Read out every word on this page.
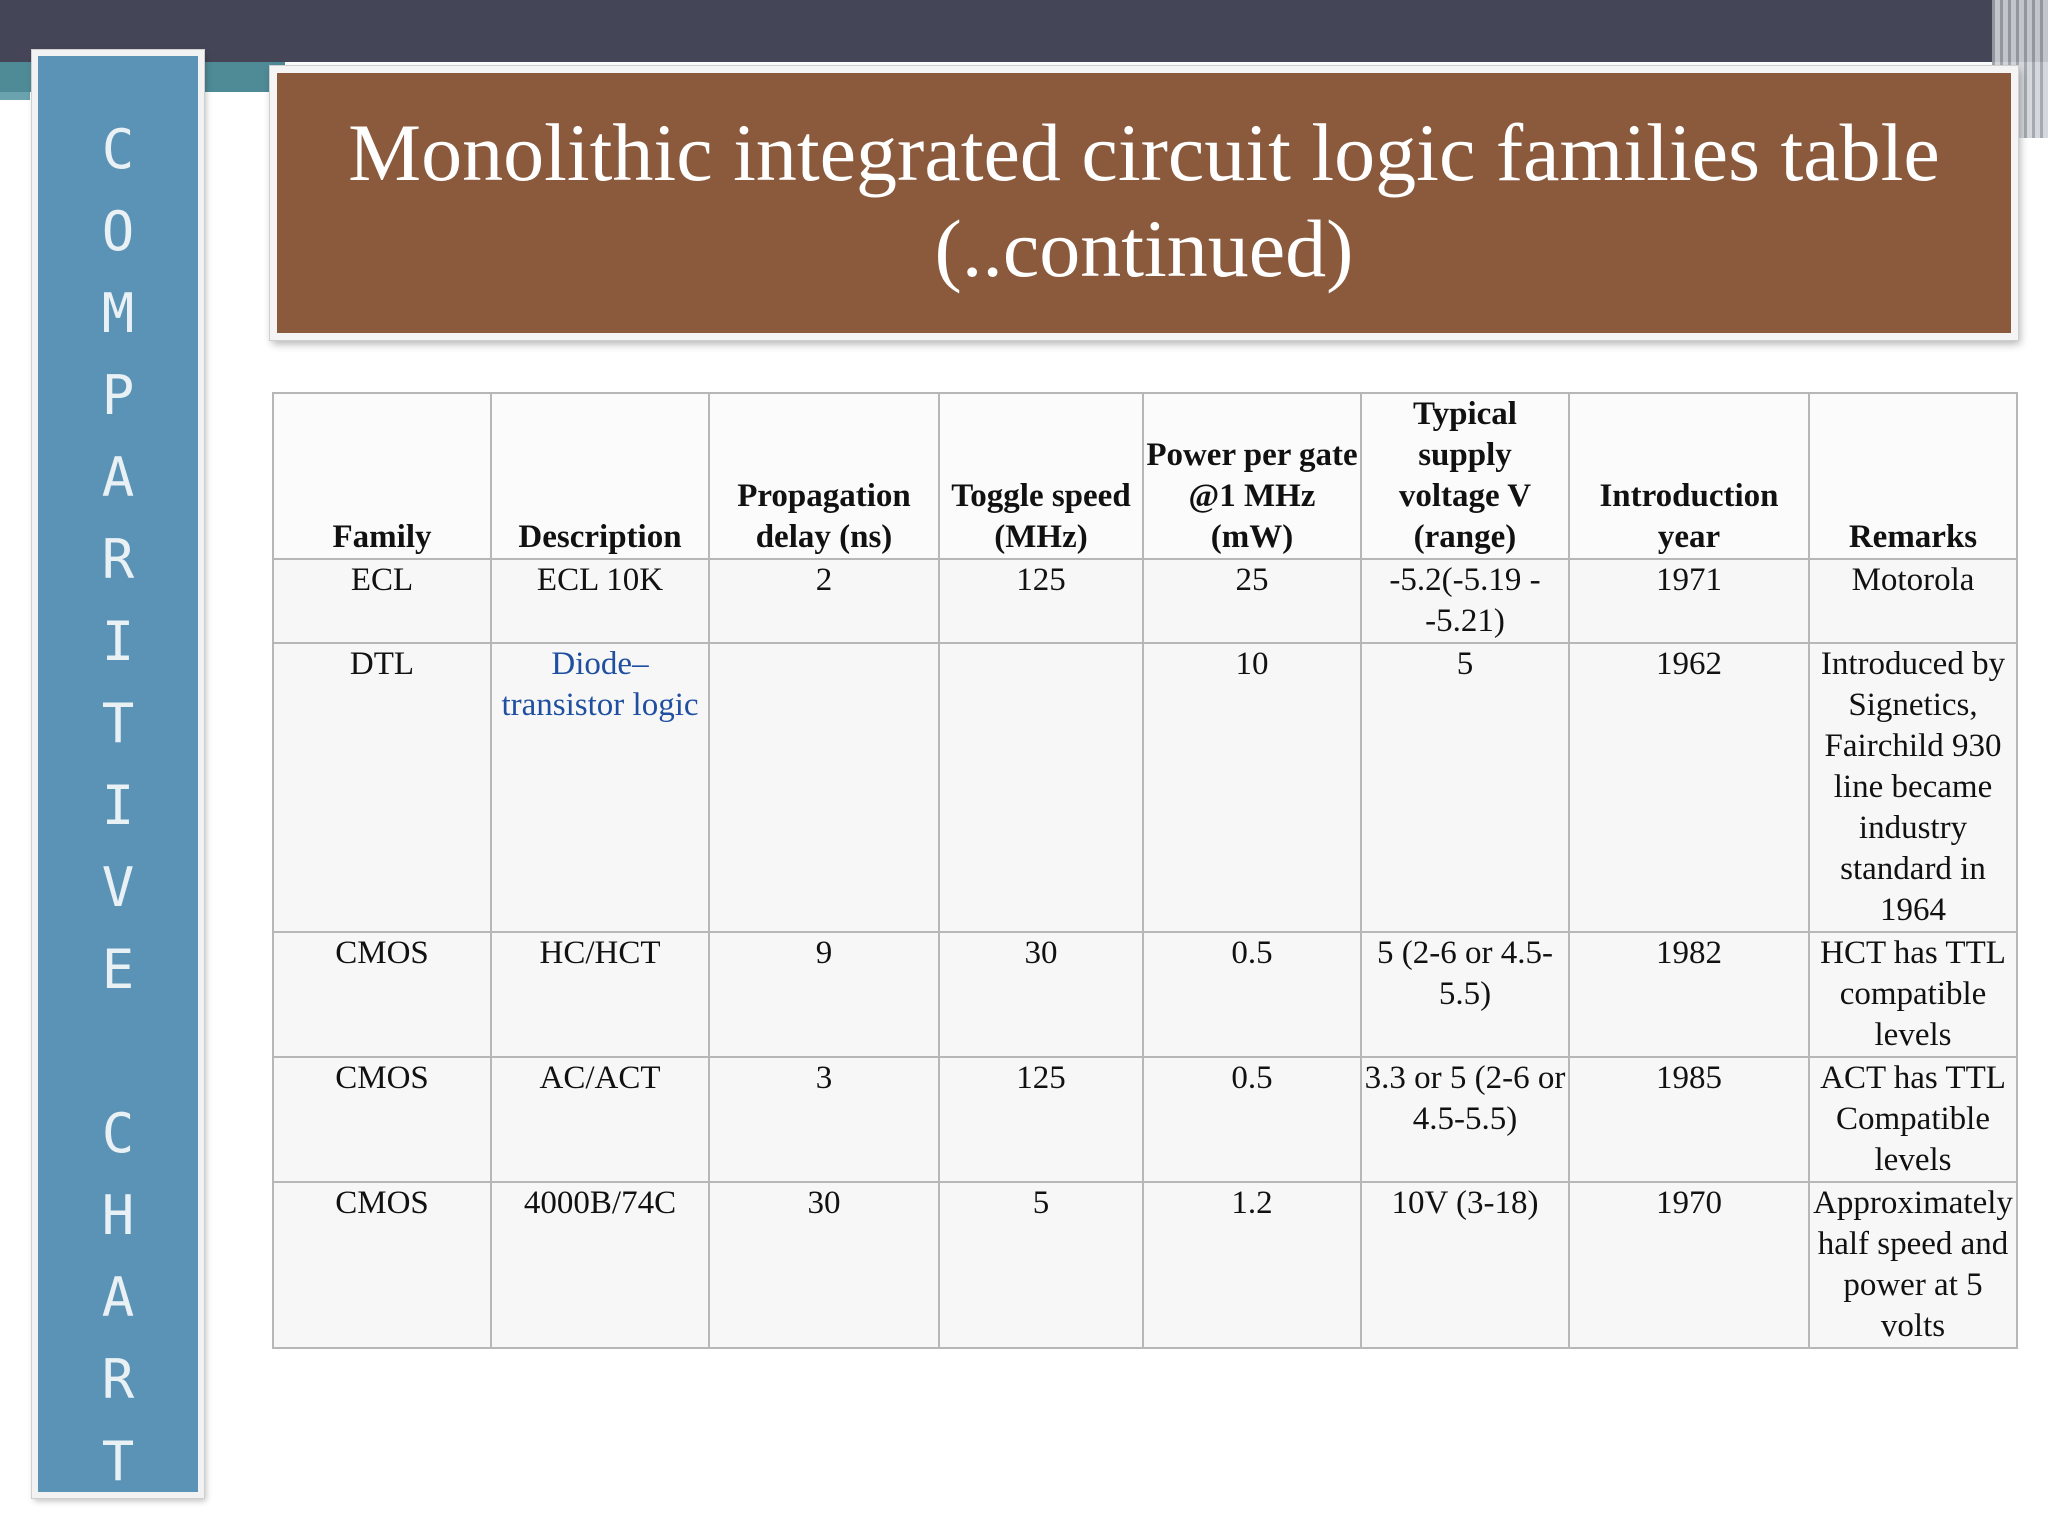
C
O
M
P
A
R
I
T
I
V
E
C
H
A
R
T
Monolithic integrated circuit logic families table
(..continued)
Family	Description	Propagation delay (ns)	Toggle speed (MHz)	Power per gate @1 MHz (mW)	Typical supply voltage V (range)	Introduction year	Remarks
ECL	ECL 10K	2	125	25	-5.2(-5.19 - -5.21)	1971	Motorola
DTL	Diode–transistor logic			10	5	1962	Introduced by Signetics, Fairchild 930 line became industry standard in 1964
CMOS	HC/HCT	9	30	0.5	5 (2-6 or 4.5-5.5)	1982	HCT has TTL compatible levels
CMOS	AC/ACT	3	125	0.5	3.3 or 5 (2-6 or 4.5-5.5)	1985	ACT has TTL Compatible levels
CMOS	4000B/74C	30	5	1.2	10V (3-18)	1970	Approximately half speed and power at 5 volts
